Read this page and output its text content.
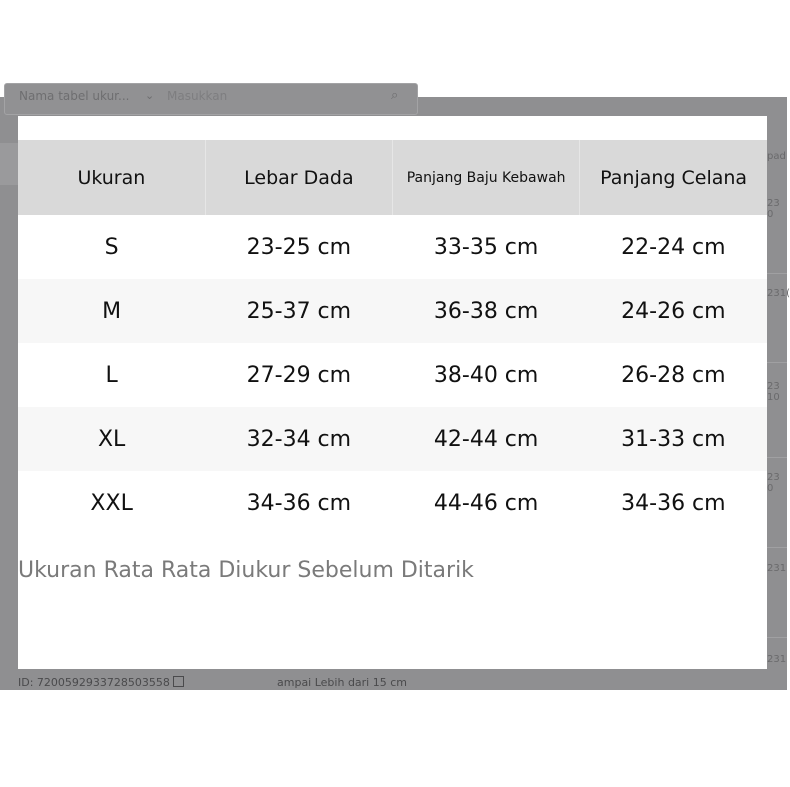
Nama tabel ukur... ⌄ Masukkan	⌕
pad
23 0
231(
23 10
23 0
231
231
ID: 7200592933728503558	ampai Lebih dari 15 cm
Ukuran	Lebar Dada	Panjang Baju Kebawah	Panjang Celana
S	23-25 cm	33-35 cm	22-24 cm
M	25-37 cm	36-38 cm	24-26 cm
L	27-29 cm	38-40 cm	26-28 cm
XL	32-34 cm	42-44 cm	31-33 cm
XXL	34-36 cm	44-46 cm	34-36 cm
Ukuran Rata Rata Diukur Sebelum Ditarik
